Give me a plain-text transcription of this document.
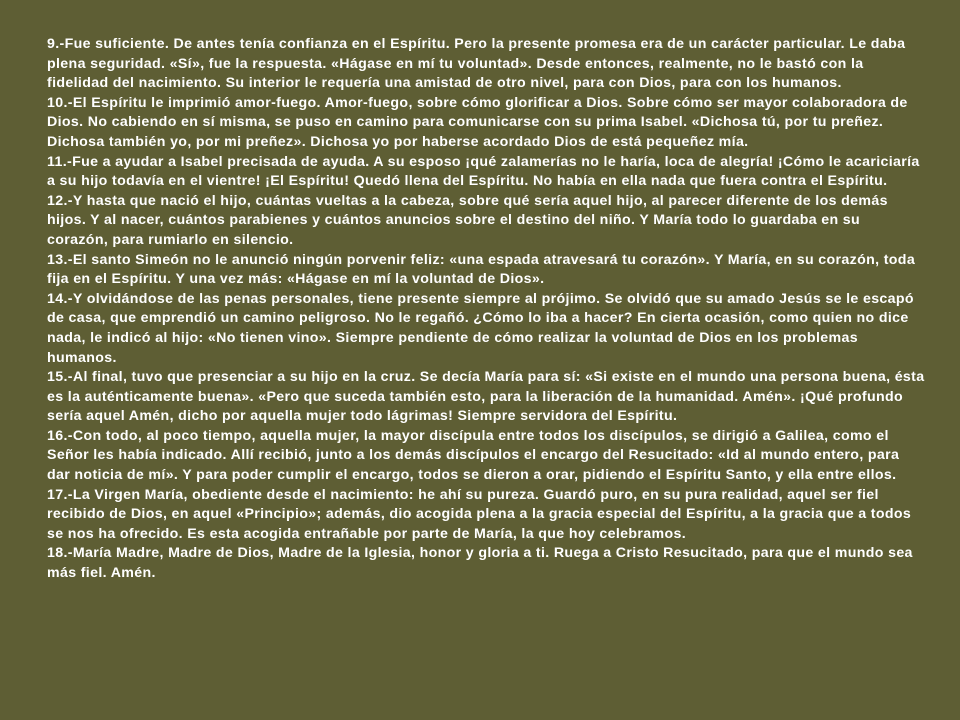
9.-Fue suficiente. De antes tenía confianza en el Espíritu. Pero la presente promesa era de un carácter particular. Le daba plena seguridad. «Sí», fue la respuesta. «Hágase en mí tu voluntad». Desde entonces, realmente, no le bastó con la fidelidad del nacimiento. Su interior le requería una amistad de otro nivel, para con Dios, para con los humanos.

10.-El Espíritu le imprimió amor-fuego. Amor-fuego, sobre cómo glorificar a Dios. Sobre cómo ser mayor colaboradora de Dios. No cabiendo en sí misma, se puso en camino para comunicarse con su prima Isabel. «Dichosa tú, por tu preñez. Dichosa también yo, por mi preñez». Dichosa yo por haberse acordado Dios de está pequeñez mía.

11.-Fue a ayudar a Isabel precisada de ayuda. A su esposo ¡qué zalamerías no le haría, loca de alegría! ¡Cómo le acariciaría a su hijo todavía en el vientre! ¡El Espíritu! Quedó llena del Espíritu. No había en ella nada que fuera contra el Espíritu.

12.-Y hasta que nació el hijo, cuántas vueltas a la cabeza, sobre qué sería aquel hijo, al parecer diferente de los demás hijos. Y al nacer, cuántos parabienes y cuántos anuncios sobre el destino del niño. Y María todo lo guardaba en su corazón, para rumiarlo en silencio.

13.-El santo Simeón no le anunció ningún porvenir feliz: «una espada atravesará tu corazón». Y María, en su corazón, toda fija en el Espíritu. Y una vez más: «Hágase en mí la voluntad de Dios».

14.-Y olvidándose de las penas personales, tiene presente siempre al prójimo. Se olvidó que su amado Jesús se le escapó de casa, que emprendió un camino peligroso. No le regañó. ¿Cómo lo iba a hacer? En cierta ocasión, como quien no dice nada, le indicó al hijo: «No tienen vino». Siempre pendiente de cómo realizar la voluntad de Dios en los problemas humanos.

15.-Al final, tuvo que presenciar a su hijo en la cruz. Se decía María para sí: «Si existe en el mundo una persona buena, ésta es la auténticamente buena». «Pero que suceda también esto, para la liberación de la humanidad. Amén». ¡Qué profundo sería aquel Amén, dicho por aquella mujer todo lágrimas! Siempre servidora del Espíritu.

16.-Con todo, al poco tiempo, aquella mujer, la mayor discípula entre todos los discípulos, se dirigió a Galilea, como el Señor les había indicado. Allí recibió, junto a los demás discípulos el encargo del Resucitado: «Id al mundo entero, para dar noticia de mí». Y para poder cumplir el encargo, todos se dieron a orar, pidiendo el Espíritu Santo, y ella entre ellos.

17.-La Virgen María, obediente desde el nacimiento: he ahí su pureza. Guardó puro, en su pura realidad, aquel ser fiel recibido de Dios, en aquel «Principio»; además, dio acogida plena a la gracia especial del Espíritu, a la gracia que a todos se nos ha ofrecido. Es esta acogida entrañable por parte de María, la que hoy celebramos.

18.-María Madre, Madre de Dios, Madre de la Iglesia, honor y gloria a ti. Ruega a Cristo Resucitado, para que el mundo sea más fiel. Amén.
